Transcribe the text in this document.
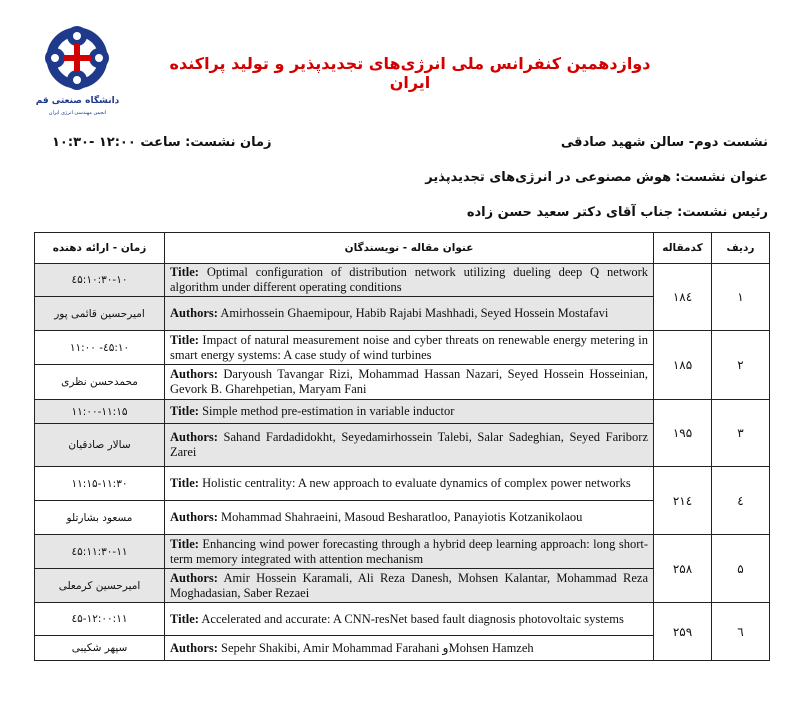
دانشگاه صنعتی قم
انجمن مهندسی انرژی ایران
دوازدهمین کنفرانس ملی انرژی‌های تجدیدپذیر و تولید پراکنده ایران
نشست دوم- سالن شهید صادقی
زمان نشست: ساعت ۱۲:۰۰ -۱۰:۳۰
عنوان نشست: هوش مصنوعی در انرژی‌های تجدیدپذیر
رئیس نشست: جناب آقای دکتر سعید حسن زاده
ردیف	کدمقاله	عنوان مقاله - نویسندگان	زمان - ارائه دهنده
۱	۱۸٤	Title: Optimal configuration of distribution network utilizing dueling deep Q network algorithm under different operating conditions	۱۰:۳۰-۱۰:٤۵
		Authors: Amirhossein Ghaemipour, Habib Rajabi Mashhadi, Seyed Hossein Mostafavi	امیرحسین قائمی پور
۲	۱۸۵	Title: Impact of natural measurement noise and cyber threats on renewable energy metering in smart energy systems: A case study of wind turbines	۱۰:٤۵- ۱۱:۰۰
		Authors: Daryoush Tavangar Rizi, Mohammad Hassan Nazari, Seyed Hossein Hosseinian, Gevork B. Gharehpetian, Maryam Fani	محمدحسن نظری
۳	۱۹۵	Title: Simple method pre-estimation in variable inductor	۱۱:۰۰-۱۱:۱۵
		Authors: Sahand Fardadidokht, Seyedamirhossein Talebi, Salar Sadeghian, Seyed Fariborz Zarei	سالار صادقیان
٤	۲۱٤	Title: Holistic centrality: A new approach to evaluate dynamics of complex power networks	۱۱:۱۵-۱۱:۳۰
		Authors: Mohammad Shahraeini, Masoud Besharatloo, Panayiotis Kotzanikolaou	مسعود بشارتلو
۵	۲۵۸	Title: Enhancing wind power forecasting through a hybrid deep learning approach: long short-term memory integrated with attention mechanism	۱۱:۳۰-۱۱:٤۵
		Authors: Amir Hossein Karamali, Ali Reza Danesh, Mohsen Kalantar, Mohammad Reza Moghadasian, Saber Rezaei	امیرحسین کرمعلی
٦	۲۵۹	Title: Accelerated and accurate: A CNN-resNet based fault diagnosis photovoltaic systems	۱۱:٤۵-۱۲:۰۰
		Authors: Sepehr Shakibi, Amir Mohammad Farahani وMohsen Hamzeh	سپهر شکیبی
